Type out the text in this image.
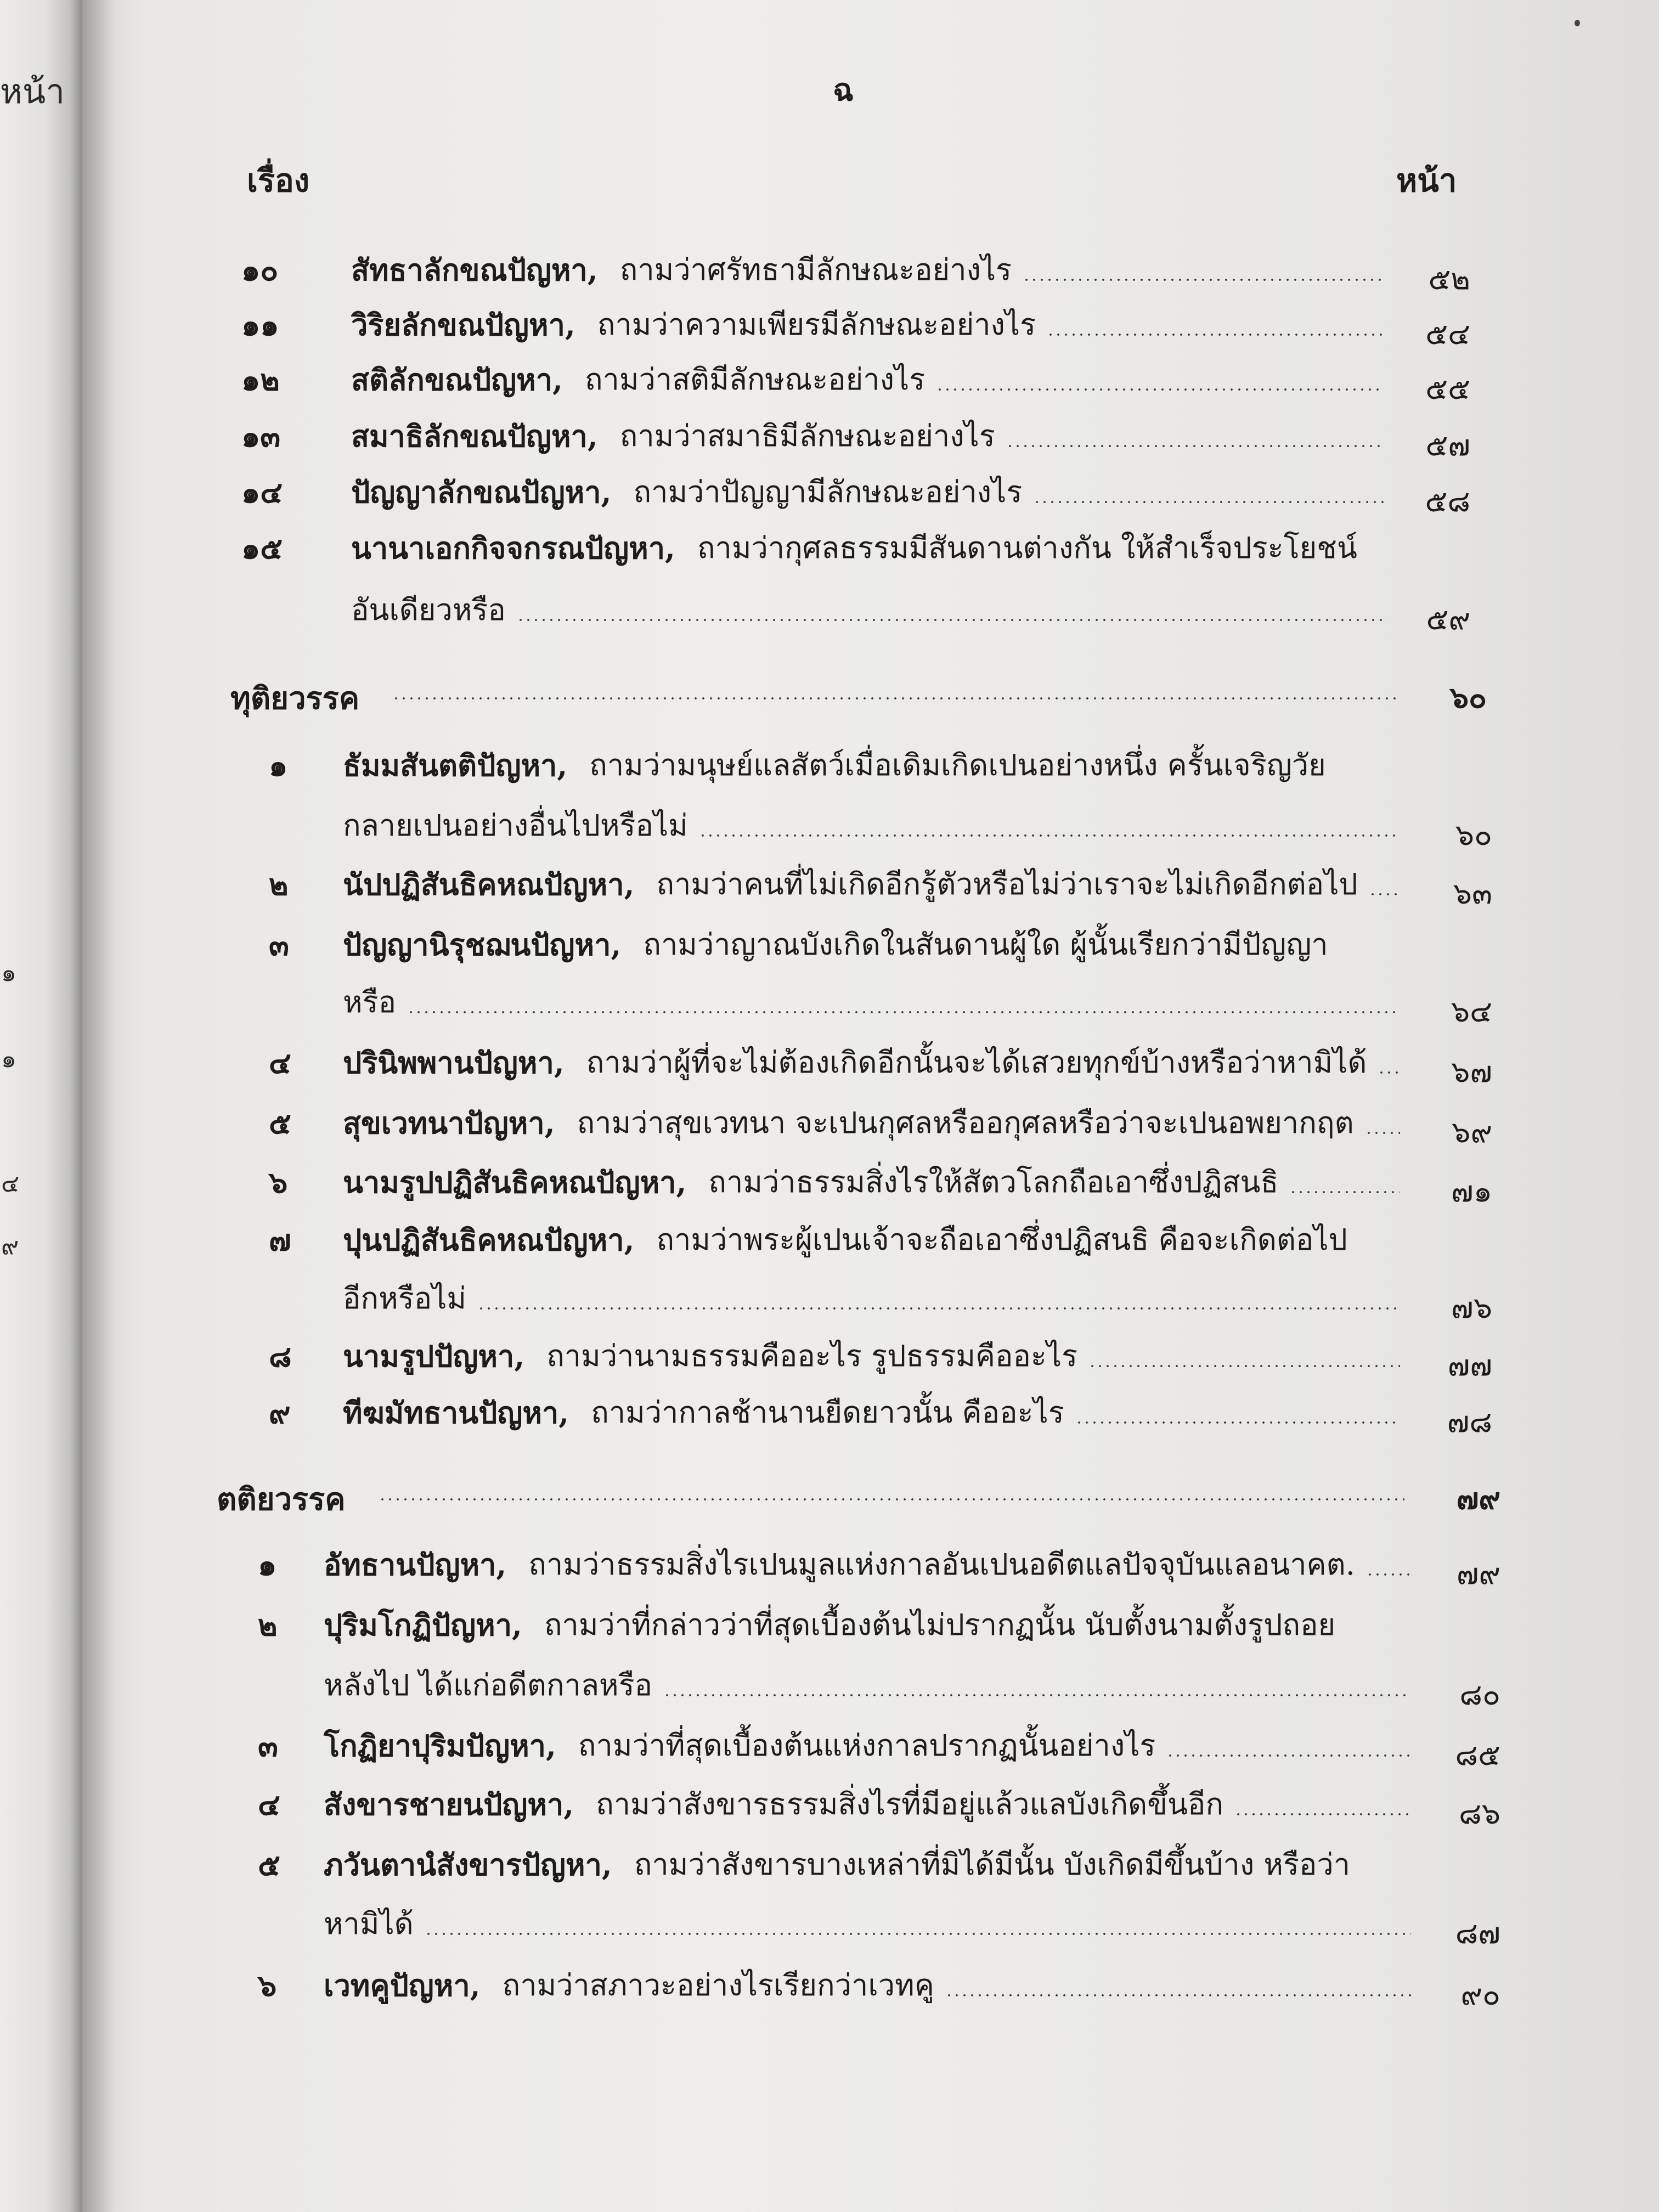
หน้า
๑
๑
๔
๙
ฉ
เรื่อง	หน้า
๑๐ สัทธาลักขณปัญหา, ถามว่าศรัทธามีลักษณะอย่างไร	๕๒
๑๑ วิริยลักขณปัญหา, ถามว่าความเพียรมีลักษณะอย่างไร	๕๔
๑๒ สติลักขณปัญหา, ถามว่าสติมีลักษณะอย่างไร	๕๕
๑๓ สมาธิลักขณปัญหา, ถามว่าสมาธิมีลักษณะอย่างไร	๕๗
๑๔ ปัญญาลักขณปัญหา, ถามว่าปัญญามีลักษณะอย่างไร	๕๘
๑๕ นานาเอกกิจจกรณปัญหา, ถามว่ากุศลธรรมมีสันดานต่างกัน ให้สำเร็จประโยชน์
อันเดียวหรือ	๕๙
ทุติยวรรค	๖๐
๑ ธัมมสันตติปัญหา, ถามว่ามนุษย์แลสัตว์เมื่อเดิมเกิดเปนอย่างหนึ่ง ครั้นเจริญวัย
กลายเปนอย่างอื่นไปหรือไม่	๖๐
๒ นัปปฏิสันธิคหณปัญหา, ถามว่าคนที่ไม่เกิดอีกรู้ตัวหรือไม่ว่าเราจะไม่เกิดอีกต่อไป	๖๓
๓ ปัญญานิรุชฌนปัญหา, ถามว่าญาณบังเกิดในสันดานผู้ใด ผู้นั้นเรียกว่ามีปัญญา
หรือ	๖๔
๔ ปรินิพพานปัญหา, ถามว่าผู้ที่จะไม่ต้องเกิดอีกนั้นจะได้เสวยทุกข์บ้างหรือว่าหามิได้	๖๗
๕ สุขเวทนาปัญหา, ถามว่าสุขเวทนา จะเปนกุศลหรืออกุศลหรือว่าจะเปนอพยากฤต	๖๙
๖ นามรูปปฏิสันธิคหณปัญหา, ถามว่าธรรมสิ่งไรให้สัตวโลกถือเอาซึ่งปฏิสนธิ	๗๑
๗ ปุนปฏิสันธิคหณปัญหา, ถามว่าพระผู้เปนเจ้าจะถือเอาซึ่งปฏิสนธิ คือจะเกิดต่อไป
อีกหรือไม่	๗๖
๘ นามรูปปัญหา, ถามว่านามธรรมคืออะไร รูปธรรมคืออะไร	๗๗
๙ ทีฆมัทธานปัญหา, ถามว่ากาลช้านานยืดยาวนั้น คืออะไร	๗๘
ตติยวรรค	๗๙
๑ อัทธานปัญหา, ถามว่าธรรมสิ่งไรเปนมูลแห่งกาลอันเปนอดีตแลปัจจุบันแลอนาคต.	๗๙
๒ ปุริมโกฏิปัญหา, ถามว่าที่กล่าวว่าที่สุดเบื้องต้นไม่ปรากฏนั้น นับตั้งนามตั้งรูปถอย
หลังไป ได้แก่อดีตกาลหรือ	๘๐
๓ โกฏิยาปุริมปัญหา, ถามว่าที่สุดเบื้องต้นแห่งกาลปรากฏนั้นอย่างไร	๘๕
๔ สังขารชายนปัญหา, ถามว่าสังขารธรรมสิ่งไรที่มีอยู่แล้วแลบังเกิดขึ้นอีก	๘๖
๕ ภวันตานํสังขารปัญหา, ถามว่าสังขารบางเหล่าที่มิได้มีนั้น บังเกิดมีขึ้นบ้าง หรือว่า
หามิได้	๘๗
๖ เวทคูปัญหา, ถามว่าสภาวะอย่างไรเรียกว่าเวทคู	๙๐
